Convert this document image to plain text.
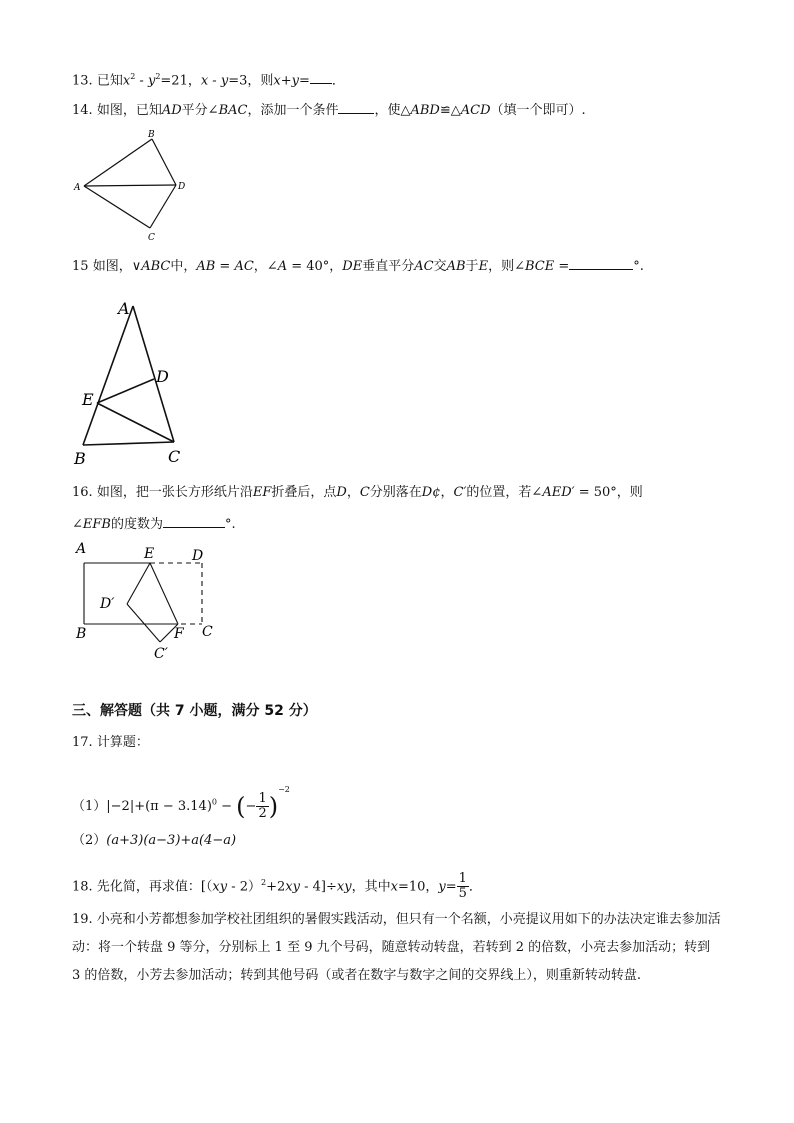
13. 已知$x^2 - y^2=21$，x - y=3，则x+y= ．
14. 如图，已知AD平分∠BAC，添加一个条件	，使△ABD≌△ACD（填一个即可）.
A
B
C
D
15 如图，∨ABC中，AB = AC，∠A = 40°，DE垂直平分AC交AB于E，则∠BCE =	°.
A
B	C
D
E
16. 如图，把一张长方形纸片沿EF折叠后，点D，C分别落在D¢，C′的位置，若∠AED′ = 50°，则
∠EFB的度数为	°.
A	E	D
D′
B	F C
C′
三、解答题（共 7 小题，满分 52 分）
17. 计算题：
$(1)|-2|+(\pi - 3.14)^0$ − (− $\frac{1}{2} )^{-2}$
（2）(a+3)(a−3)+a(4−a)
18. 先化简，再求值：[（xy - 2）$^2$+2xy - 4]÷xy，其中x=10，$y= \frac{1}{5}$ ．
19. 小亮和小芳都想参加学校社团组织的暑假实践活动，但只有一个名额，小亮提议用如下的办法决定谁去参加活动：将一个转盘 9 等分，分别标上 1 至 9 九个号码，随意转动转盘，若转到 2 的倍数，小亮去参加活动；转到 3 的倍数，小芳去参加活动；转到其他号码（或者在数字与数字之间的交界线上），则重新转动转盘.
